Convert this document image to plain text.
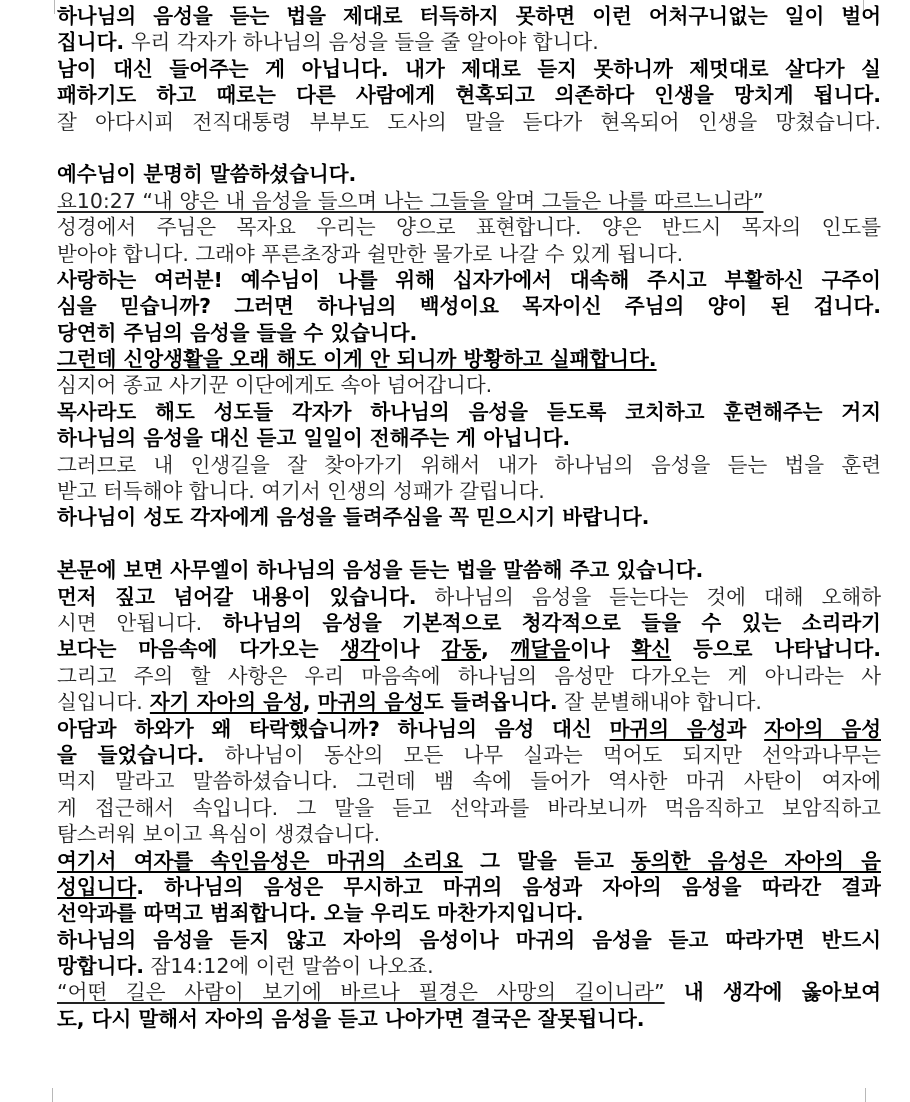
하나님의 음성을 듣는 법을 제대로 터득하지 못하면 이런 어처구니없는 일이 벌어
집니다. 우리 각자가 하나님의 음성을 들을 줄 알아야 합니다.
남이 대신 들어주는 게 아닙니다. 내가 제대로 듣지 못하니까 제멋대로 살다가 실
패하기도 하고 때로는 다른 사람에게 현혹되고 의존하다 인생을 망치게 됩니다.
잘 아다시피 전직대통령 부부도 도사의 말을 듣다가 현옥되어 인생을 망쳤습니다.
예수님이 분명히 말씀하셨습니다.
요10:27 “내 양은 내 음성을 들으며 나는 그들을 알며 그들은 나를 따르느니라”
성경에서 주님은 목자요 우리는 양으로 표현합니다. 양은 반드시 목자의 인도를
받아야 합니다. 그래야 푸른초장과 쉴만한 물가로 나갈 수 있게 됩니다.
사랑하는 여러분! 예수님이 나를 위해 십자가에서 대속해 주시고 부활하신 구주이
심을 믿습니까? 그러면 하나님의 백성이요 목자이신 주님의 양이 된 겁니다.
당연히 주님의 음성을 들을 수 있습니다.
그런데 신앙생활을 오래 해도 이게 안 되니까 방황하고 실패합니다.
심지어 종교 사기꾼 이단에게도 속아 넘어갑니다.
목사라도 해도 성도들 각자가 하나님의 음성을 듣도록 코치하고 훈련해주는 거지
하나님의 음성을 대신 듣고 일일이 전해주는 게 아닙니다.
그러므로 내 인생길을 잘 찾아가기 위해서 내가 하나님의 음성을 듣는 법을 훈련
받고 터득해야 합니다. 여기서 인생의 성패가 갈립니다.
하나님이 성도 각자에게 음성을 들려주심을 꼭 믿으시기 바랍니다.
본문에 보면 사무엘이 하나님의 음성을 듣는 법을 말씀해 주고 있습니다.
먼저 짚고 넘어갈 내용이 있습니다. 하나님의 음성을 듣는다는 것에 대해 오해하
시면 안됩니다. 하나님의 음성을 기본적으로 청각적으로 들을 수 있는 소리라기
보다는 마음속에 다가오는 생각이나 감동, 깨달음이나 확신 등으로 나타납니다.
그리고 주의 할 사항은 우리 마음속에 하나님의 음성만 다가오는 게 아니라는 사
실입니다. 자기 자아의 음성, 마귀의 음성도 들려옵니다. 잘 분별해내야 합니다.
아담과 하와가 왜 타락했습니까? 하나님의 음성 대신 마귀의 음성과 자아의 음성
을 들었습니다. 하나님이 동산의 모든 나무 실과는 먹어도 되지만 선악과나무는
먹지 말라고 말씀하셨습니다. 그런데 뱀 속에 들어가 역사한 마귀 사탄이 여자에
게 접근해서 속입니다. 그 말을 듣고 선악과를 바라보니까 먹음직하고 보암직하고
탐스러워 보이고 욕심이 생겼습니다.
여기서 여자를 속인음성은 마귀의 소리요 그 말을 듣고 동의한 음성은 자아의 음
성입니다. 하나님의 음성은 무시하고 마귀의 음성과 자아의 음성을 따라간 결과
선악과를 따먹고 범죄합니다. 오늘 우리도 마찬가지입니다.
하나님의 음성을 듣지 않고 자아의 음성이나 마귀의 음성을 듣고 따라가면 반드시
망합니다. 잠14:12에 이런 말씀이 나오죠.
“어떤 길은 사람이 보기에 바르나 필경은 사망의 길이니라” 내 생각에 옳아보여
도, 다시 말해서 자아의 음성을 듣고 나아가면 결국은 잘못됩니다.
